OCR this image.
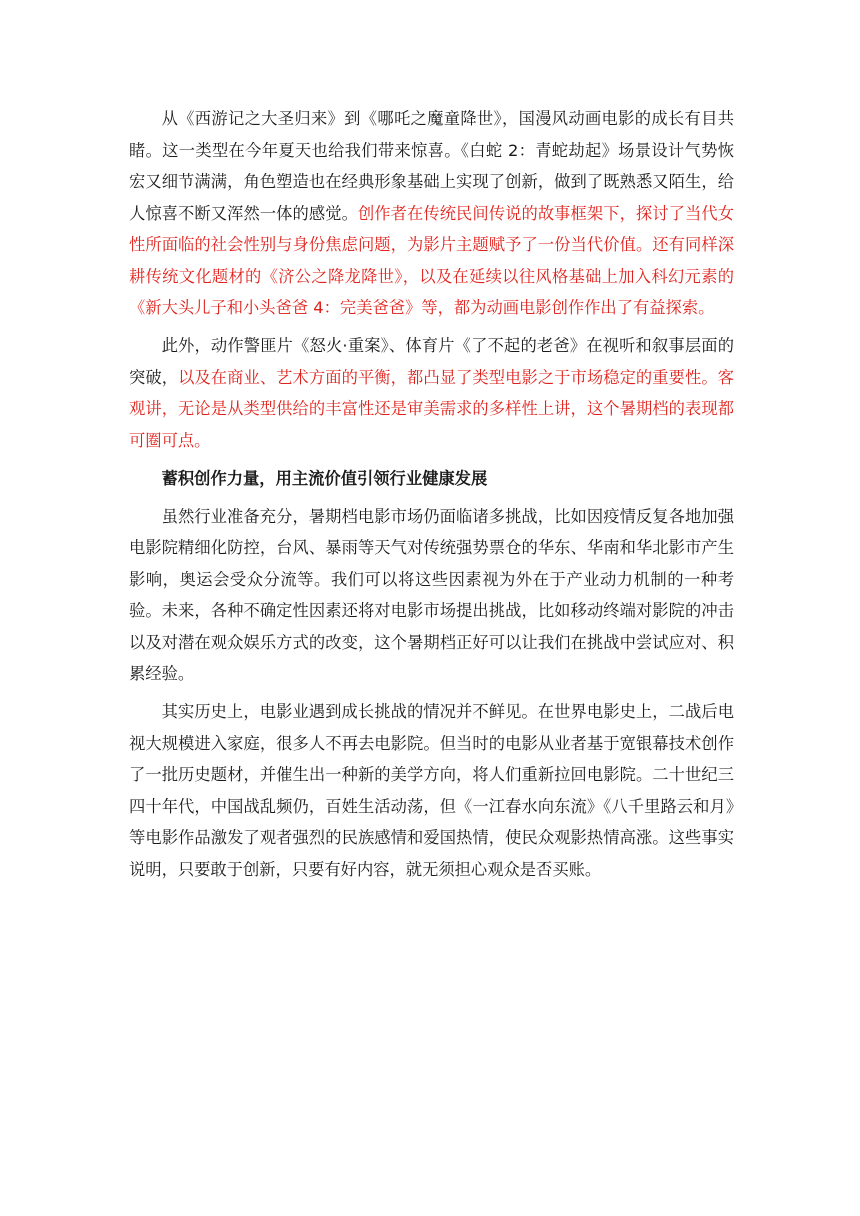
从《西游记之大圣归来》到《哪吒之魔童降世》，国漫风动画电影的成长有目共睹。这一类型在今年夏天也给我们带来惊喜。《白蛇 2：青蛇劫起》场景设计气势恢宏又细节满满，角色塑造也在经典形象基础上实现了创新，做到了既熟悉又陌生，给人惊喜不断又浑然一体的感觉。创作者在传统民间传说的故事框架下，探讨了当代女性所面临的社会性别与身份焦虑问题，为影片主题赋予了一份当代价值。还有同样深耕传统文化题材的《济公之降龙降世》，以及在延续以往风格基础上加入科幻元素的《新大头儿子和小头爸爸 4：完美爸爸》等，都为动画电影创作作出了有益探索。

此外，动作警匪片《怒火·重案》、体育片《了不起的老爸》在视听和叙事层面的突破，以及在商业、艺术方面的平衡，都凸显了类型电影之于市场稳定的重要性。客观讲，无论是从类型供给的丰富性还是审美需求的多样性上讲，这个暑期档的表现都可圈可点。

蓄积创作力量，用主流价值引领行业健康发展

虽然行业准备充分，暑期档电影市场仍面临诸多挑战，比如因疫情反复各地加强电影院精细化防控，台风、暴雨等天气对传统强势票仓的华东、华南和华北影市产生影响，奥运会受众分流等。我们可以将这些因素视为外在于产业动力机制的一种考验。未来，各种不确定性因素还将对电影市场提出挑战，比如移动终端对影院的冲击以及对潜在观众娱乐方式的改变，这个暑期档正好可以让我们在挑战中尝试应对、积累经验。

其实历史上，电影业遇到成长挑战的情况并不鲜见。在世界电影史上，二战后电视大规模进入家庭，很多人不再去电影院。但当时的电影从业者基于宽银幕技术创作了一批历史题材，并催生出一种新的美学方向，将人们重新拉回电影院。二十世纪三四十年代，中国战乱频仍，百姓生活动荡，但《一江春水向东流》《八千里路云和月》等电影作品激发了观者强烈的民族感情和爱国热情，使民众观影热情高涨。这些事实说明，只要敢于创新，只要有好内容，就无须担心观众是否买账。
